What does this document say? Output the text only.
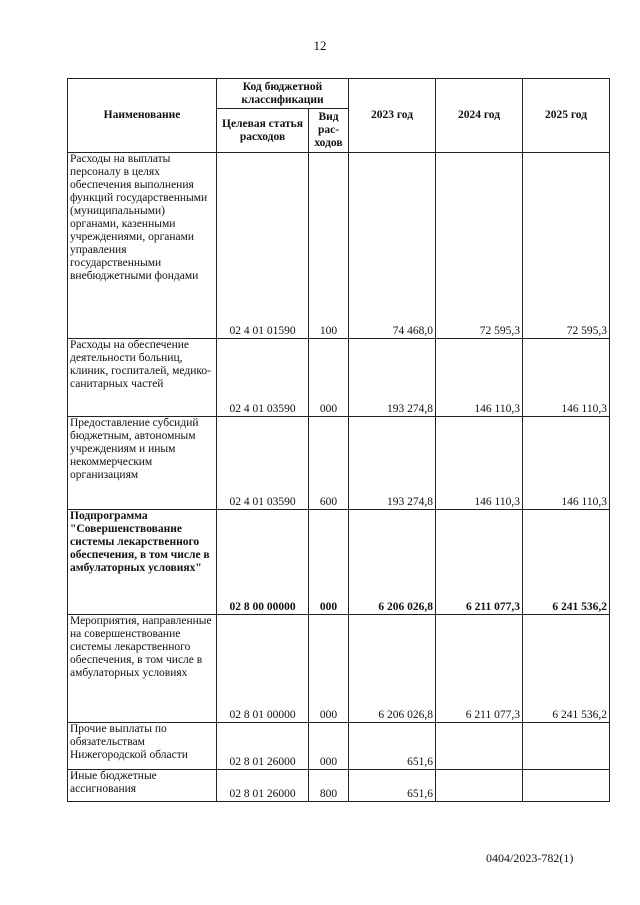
12
Наименование	Код бюджетной классификации		2023 год	2024 год	2025 год
	Целевая статья расходов	Вид рас-ходов			
Расходы на выплаты персоналу в целях обеспечения выполнения функций государственными (муниципальными) органами, казенными учреждениями, органами управления государственными внебюджетными фондами	02 4 01 01590	100	74 468,0	72 595,3	72 595,3
Расходы на обеспечение деятельности больниц, клиник, госпиталей, медико-санитарных частей	02 4 01 03590	000	193 274,8	146 110,3	146 110,3
Предоставление субсидий бюджетным, автономным учреждениям и иным некоммерческим организациям	02 4 01 03590	600	193 274,8	146 110,3	146 110,3
Подпрограмма "Совершенствование системы лекарственного обеспечения, в том числе в амбулаторных условиях"	02 8 00 00000	000	6 206 026,8	6 211 077,3	6 241 536,2
Мероприятия, направленные на совершенствование системы лекарственного обеспечения, в том числе в амбулаторных условиях	02 8 01 00000	000	6 206 026,8	6 211 077,3	6 241 536,2
Прочие выплаты по обязательствам Нижегородской области	02 8 01 26000	000	651,6		
Иные бюджетные ассигнования	02 8 01 26000	800	651,6		
0404/2023-782(1)
